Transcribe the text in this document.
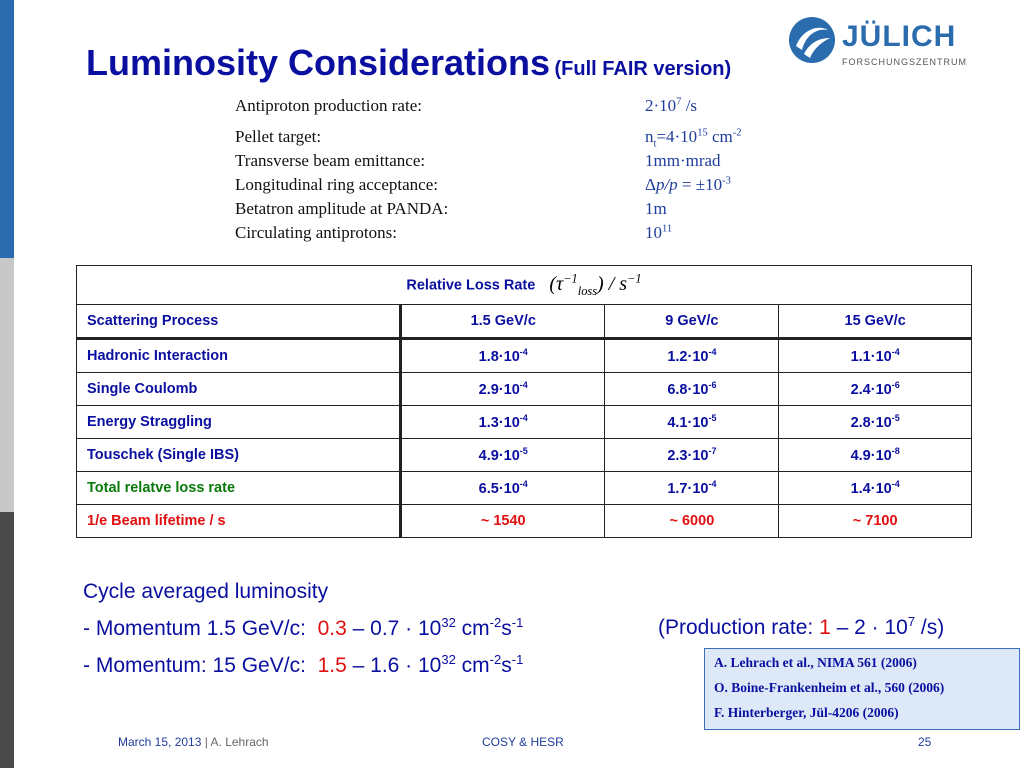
Luminosity Considerations (Full FAIR version)
JÜLICH
FORSCHUNGSZENTRUM
Antiproton production rate:	$2\cdot 10^7$ /s
Pellet target:	$n_t=4\cdot 10^{15}$ $cm^{-2}$
Transverse beam emittance:	1mm·mrad
Longitudinal ring acceptance:	$\Delta p/p = \pm 10^{-3}$
Betatron amplitude at PANDA:	1m
Circulating antiprotons:	$10^{11}$
Relative Loss Rate $(\tau^{-1}_{loss}) / s^{-1}$
Scattering Process	1.5 GeV/c	9 GeV/c	15 GeV/c
Hadronic Interaction	$1.8\cdot 10^{-4}$	$1.2\cdot 10^{-4}$	$1.1\cdot 10^{-4}$
Single Coulomb	$2.9\cdot 10^{-4}$	$6.8\cdot 10^{-6}$	$2.4\cdot 10^{-6}$
Energy Straggling	$1.3\cdot 10^{-4}$	$4.1\cdot 10^{-5}$	$2.8\cdot 10^{-5}$
Touschek (Single IBS)	$4.9\cdot 10^{-5}$	$2.3\cdot 10^{-7}$	$4.9\cdot 10^{-8}$
Total relatve loss rate	$6.5\cdot 10^{-4}$	$1.7\cdot 10^{-4}$	$1.4\cdot 10^{-4}$
1/e Beam lifetime / s	~ 1540	~ 6000	~ 7100
Cycle averaged luminosity
- Momentum 1.5 GeV/c:  $0.3 - 0.7 \cdot 10^{32}$ $cm^{-2}s^{-1}$
- Momentum: 15 GeV/c:  $1.5 - 1.6 \cdot 10^{32}$ $cm^{-2}s^{-1}$
(Production rate: $1 - 2 \cdot 10^7$ /s)
A. Lehrach et al., NIMA 561 (2006)
O. Boine-Frankenheim et al., 560 (2006)
F. Hinterberger, Jül-4206 (2006)
March 15, 2013 | A. Lehrach	COSY & HESR	25
